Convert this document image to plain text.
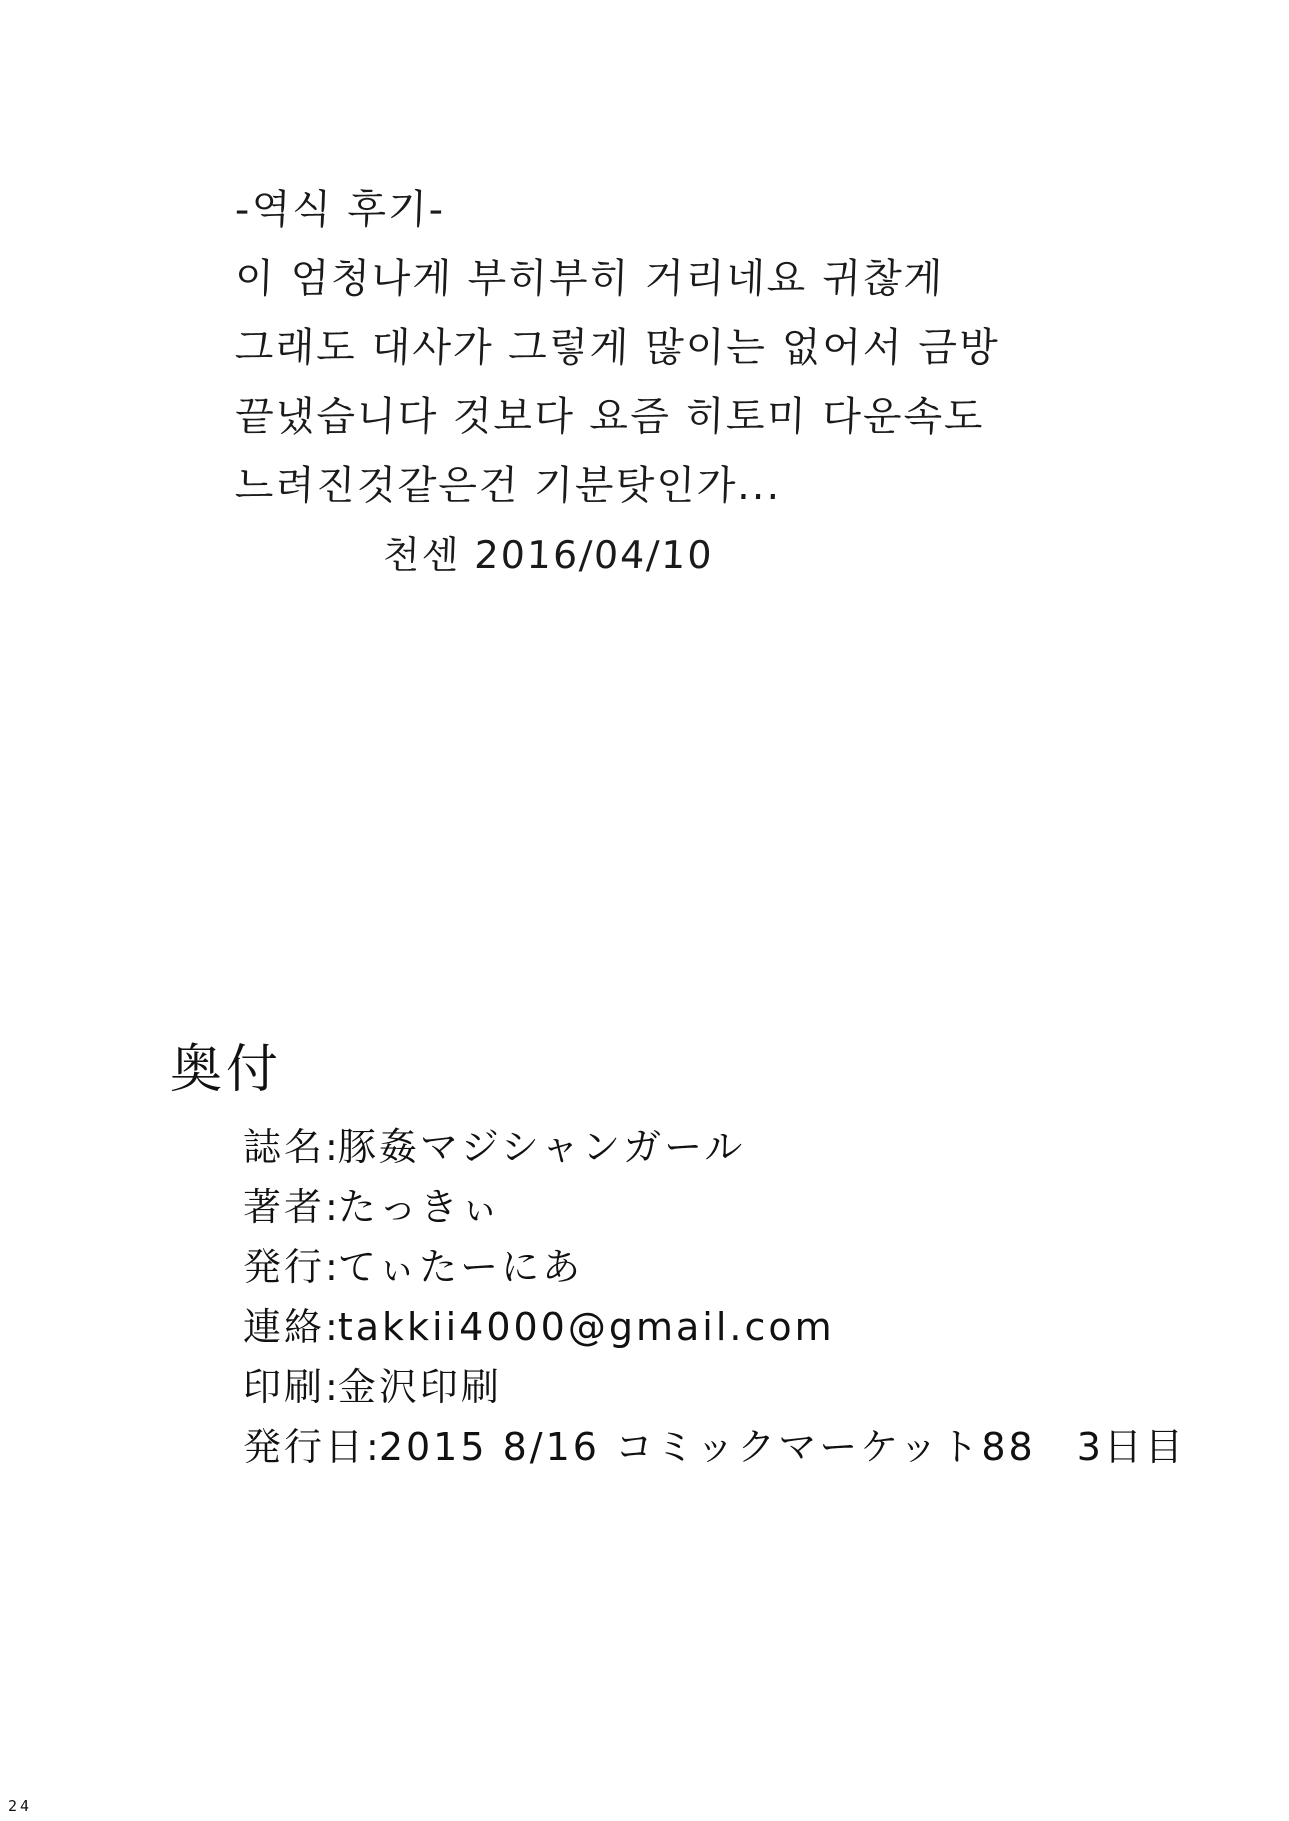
-역식 후기-
이 엄청나게 부히부히 거리네요 귀찮게
그래도 대사가 그렇게 많이는 없어서 금방
끝냈습니다 것보다 요즘 히토미 다운속도
느려진것같은건 기분탓인가...
천센 2016/04/10
奥付
誌名:豚姦マジシャンガール
著者:たっきぃ
発行:てぃたーにあ
連絡:takkii4000@gmail.com
印刷:金沢印刷
発行日:2015 8/16 コミックマーケット88　3日目
24
